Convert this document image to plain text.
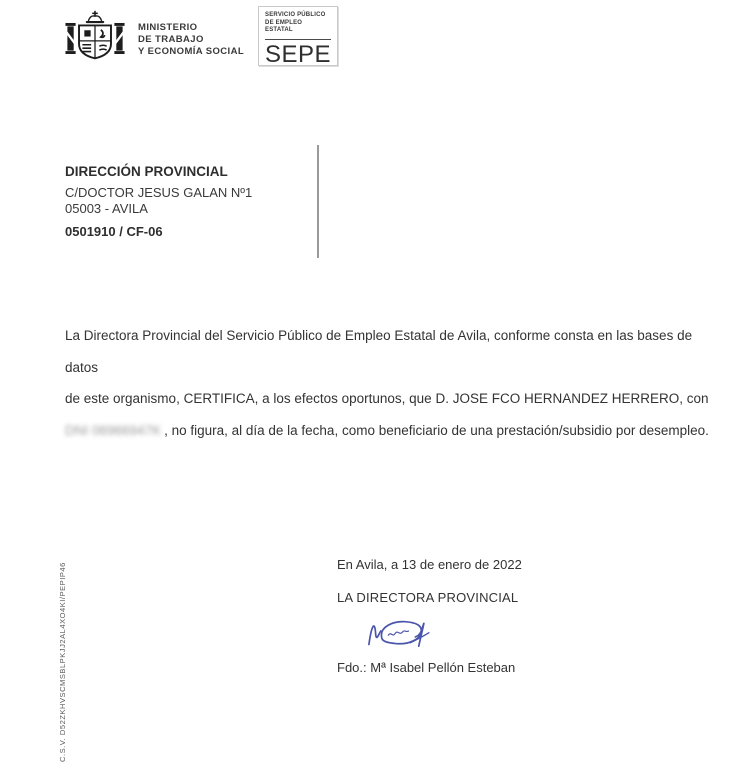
MINISTERIO
DE TRABAJO
Y ECONOMÍA SOCIAL
SERVICIO PÚBLICO
DE EMPLEO ESTATAL
SEPE
DIRECCIÓN PROVINCIAL
C/DOCTOR JESUS GALAN Nº1
05003 - AVILA
0501910 / CF-06
La Directora Provincial del Servicio Público de Empleo Estatal de Avila, conforme consta en las bases de datos
de este organismo, CERTIFICA, a los efectos oportunos, que D. JOSE FCO HERNANDEZ HERRERO, con
DNI 06966947K , no figura, al día de la fecha, como beneficiario de una prestación/subsidio por desempleo.
En Avila, a 13 de enero de 2022
LA DIRECTORA PROVINCIAL
Fdo.: Mª Isabel Pellón Esteban
C.S.V. D52ZKHVSCMSBLPKJJ2AL4XO4KI/PEPIP46
